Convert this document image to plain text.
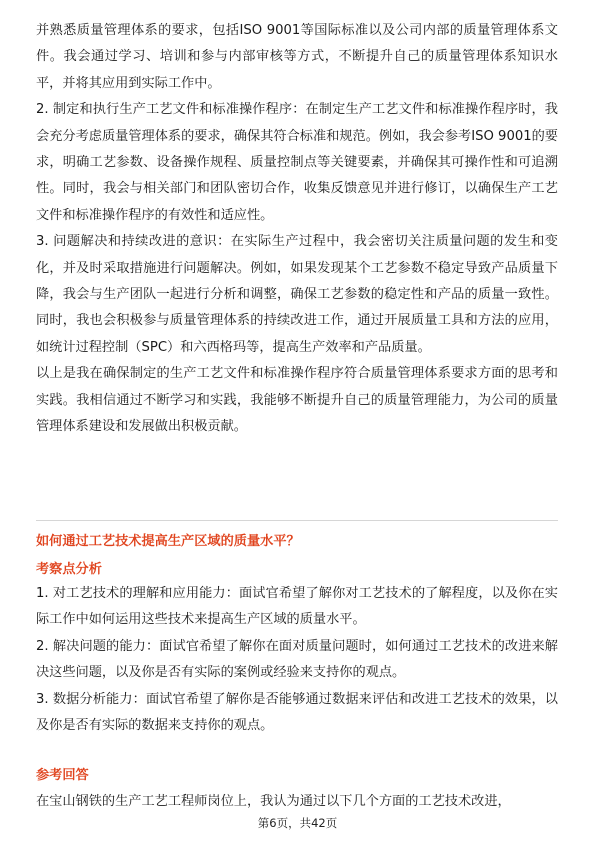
并熟悉质量管理体系的要求，包括ISO 9001等国际标准以及公司内部的质量管理体系文件。我会通过学习、培训和参与内部审核等方式，不断提升自己的质量管理体系知识水平，并将其应用到实际工作中。

2. 制定和执行生产工艺文件和标准操作程序：在制定生产工艺文件和标准操作程序时，我会充分考虑质量管理体系的要求，确保其符合标准和规范。例如，我会参考ISO 9001的要求，明确工艺参数、设备操作规程、质量控制点等关键要素，并确保其可操作性和可追溯性。同时，我会与相关部门和团队密切合作，收集反馈意见并进行修订，以确保生产工艺文件和标准操作程序的有效性和适应性。

3. 问题解决和持续改进的意识：在实际生产过程中，我会密切关注质量问题的发生和变化，并及时采取措施进行问题解决。例如，如果发现某个工艺参数不稳定导致产品质量下降，我会与生产团队一起进行分析和调整，确保工艺参数的稳定性和产品的质量一致性。同时，我也会积极参与质量管理体系的持续改进工作，通过开展质量工具和方法的应用，如统计过程控制（SPC）和六西格玛等，提高生产效率和产品质量。

以上是我在确保制定的生产工艺文件和标准操作程序符合质量管理体系要求方面的思考和实践。我相信通过不断学习和实践，我能够不断提升自己的质量管理能力，为公司的质量管理体系建设和发展做出积极贡献。

如何通过工艺技术提高生产区域的质量水平？
考察点分析

1. 对工艺技术的理解和应用能力：面试官希望了解你对工艺技术的了解程度，以及你在实际工作中如何运用这些技术来提高生产区域的质量水平。

2. 解决问题的能力：面试官希望了解你在面对质量问题时，如何通过工艺技术的改进来解决这些问题，以及你是否有实际的案例或经验来支持你的观点。

3. 数据分析能力：面试官希望了解你是否能够通过数据来评估和改进工艺技术的效果，以及你是否有实际的数据来支持你的观点。

参考回答

在宝山钢铁的生产工艺工程师岗位上，我认为通过以下几个方面的工艺技术改进，

第6页，共42页
